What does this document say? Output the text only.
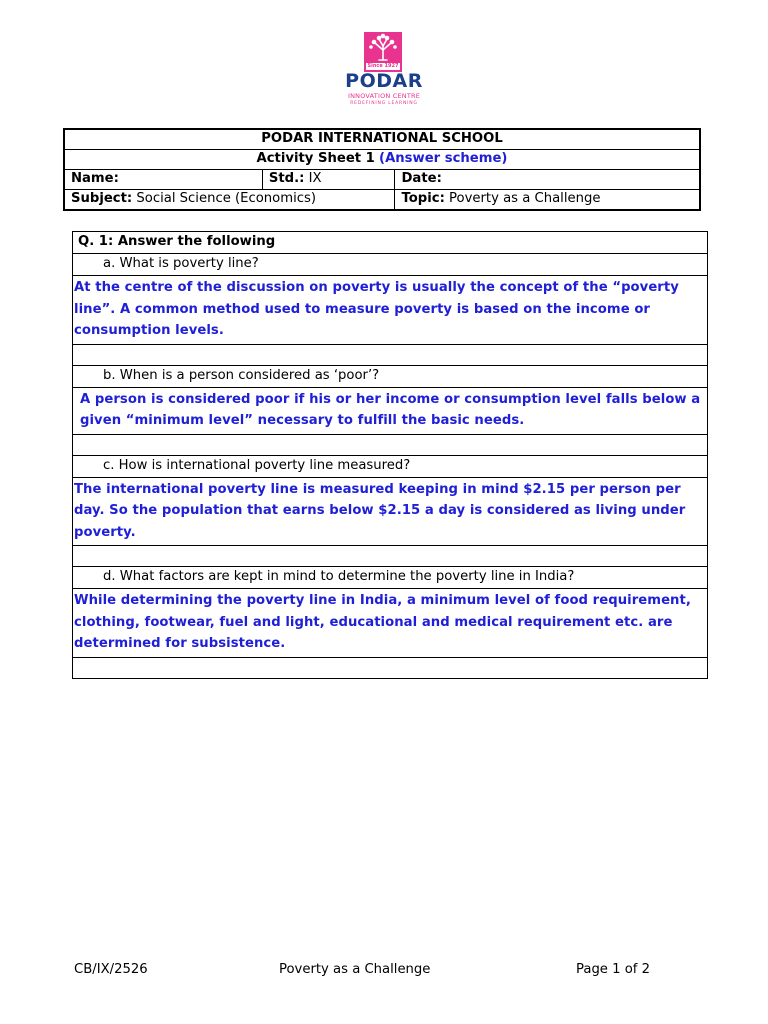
Since 1927
PODAR
INNOVATION CENTRE
REDEFINING LEARNING
PODAR INTERNATIONAL SCHOOL		
Activity Sheet 1 (Answer scheme)		
Name:	Std.: IX	Date:
Subject: Social Science (Economics)		Topic: Poverty as a Challenge
Q. 1: Answer the following
a. What is poverty line?
At the centre of the discussion on poverty is usually the concept of the “poverty line”. A common method used to measure poverty is based on the income or consumption levels.

b. When is a person considered as ‘poor’?
A person is considered poor if his or her income or consumption level falls below a given “minimum level” necessary to fulfill the basic needs.

c. How is international poverty line measured?
The international poverty line is measured keeping in mind $2.15 per person per day. So the population that earns below $2.15 a day is considered as living under poverty.

d. What factors are kept in mind to determine the poverty line in India?
While determining the poverty line in India, a minimum level of food requirement, clothing, footwear, fuel and light, educational and medical requirement etc. are determined for subsistence.

CB/IX/2526	Poverty as a Challenge	Page 1 of 2
